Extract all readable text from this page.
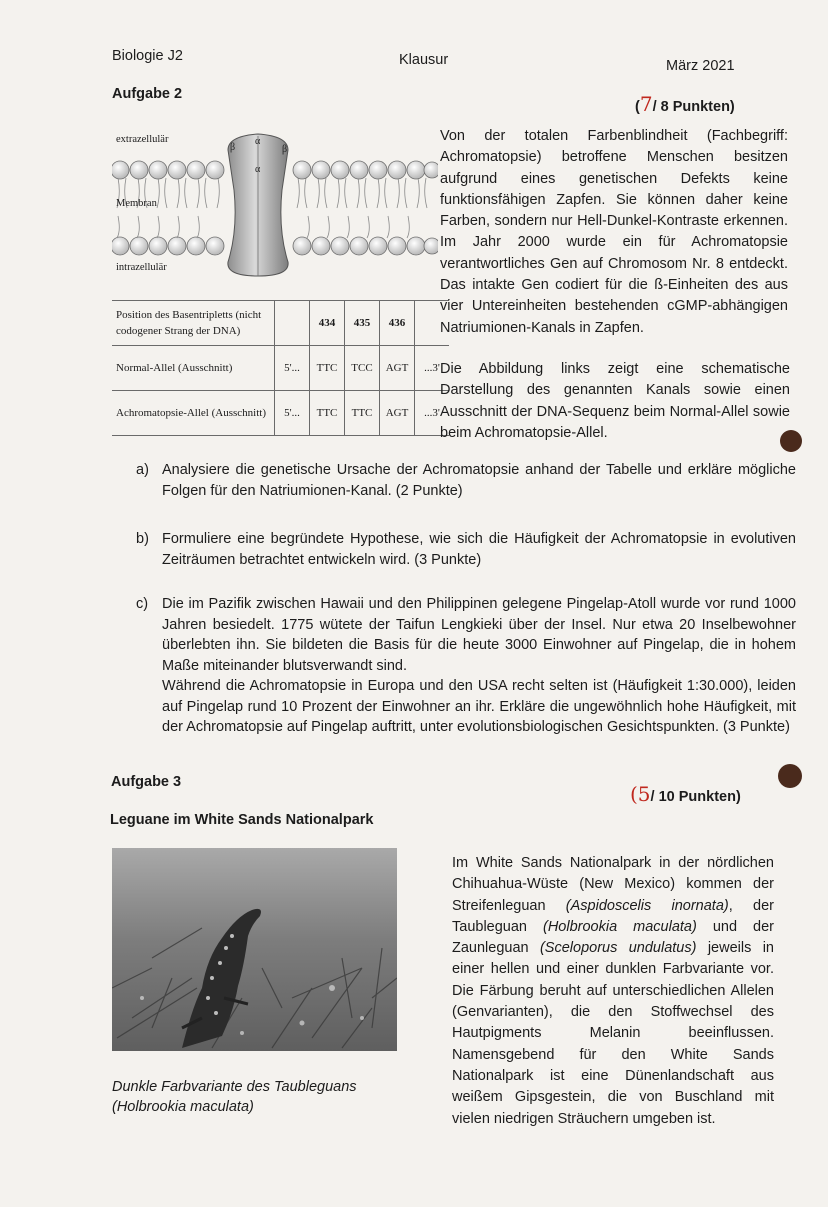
Biologie J2	Klausur	März 2021
Aufgabe 2
(7/ 8 Punkten)
β
α
β
α
extrazellulär
Membran
intrazellulär
Position des Basentripletts (nicht codogener Strang der DNA)		434	435	436	
Normal-Allel (Ausschnitt)	5'...	TTC	TCC	AGT	...3'
Achromatopsie-Allel (Ausschnitt)	5'...	TTC	TTC	AGT	...3'
Von der totalen Farbenblindheit (Fachbegriff: Achromatopsie) betroffene Menschen besitzen aufgrund eines genetischen Defekts keine funktionsfähigen Zapfen. Sie können daher keine Farben, sondern nur Hell-Dunkel-Kontraste erkennen. Im Jahr 2000 wurde ein für Achromatopsie verantwortliches Gen auf Chromosom Nr. 8 entdeckt. Das intakte Gen codiert für die ß-Einheiten des aus vier Untereinheiten bestehenden cGMP-abhängigen Natriumionen-Kanals in Zapfen.
Die Abbildung links zeigt eine schematische Darstellung des genannten Kanals sowie einen Ausschnitt der DNA-Sequenz beim Normal-Allel sowie beim Achromatopsie-Allel.
a) Analysiere die genetische Ursache der Achromatopsie anhand der Tabelle und erkläre mögliche Folgen für den Natriumionen-Kanal. (2 Punkte)
b) Formuliere eine begründete Hypothese, wie sich die Häufigkeit der Achromatopsie in evolutiven Zeiträumen betrachtet entwickeln wird. (3 Punkte)
c) Die im Pazifik zwischen Hawaii und den Philippinen gelegene Pingelap-Atoll wurde vor rund 1000 Jahren besiedelt. 1775 wütete der Taifun Lengkieki über der Insel. Nur etwa 20 Inselbewohner überlebten ihn. Sie bildeten die Basis für die heute 3000 Einwohner auf Pingelap, die in hohem Maße miteinander blutsverwandt sind.
Während die Achromatopsie in Europa und den USA recht selten ist (Häufigkeit 1:30.000), leiden auf Pingelap rund 10 Prozent der Einwohner an ihr. Erkläre die ungewöhnlich hohe Häufigkeit, mit der Achromatopsie auf Pingelap auftritt, unter evolutionsbiologischen Gesichtspunkten. (3 Punkte)
Aufgabe 3	(5/ 10 Punkten)
Leguane im White Sands Nationalpark
Dunkle Farbvariante des Taubleguans
(Holbrookia maculata)
Im White Sands Nationalpark in der nördlichen Chihuahua-Wüste (New Mexico) kommen der Streifenleguan (Aspidoscelis inornata), der Taubleguan (Holbrookia maculata) und der Zaunleguan (Sceloporus undulatus) jeweils in einer hellen und einer dunklen Farbvariante vor. Die Färbung beruht auf unterschiedlichen Allelen (Genvarianten), die den Stoffwechsel des Hautpigments Melanin beeinflussen. Namensgebend für den White Sands Nationalpark ist eine Dünenlandschaft aus weißem Gipsgestein, die von Buschland mit vielen niedrigen Sträuchern umgeben ist.
